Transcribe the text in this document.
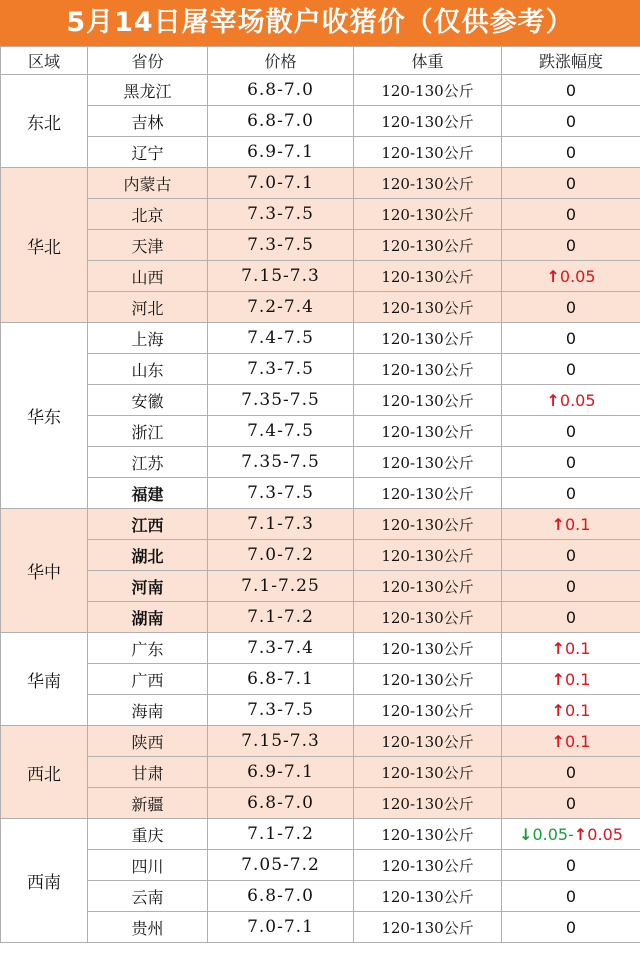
5月14日屠宰场散户收猪价（仅供参考）
区域	省份	价格	体重	跌涨幅度
东北	黑龙江	6.8-7.0	120-130公斤	0
	吉林	6.8-7.0	120-130公斤	0
	辽宁	6.9-7.1	120-130公斤	0
华北	内蒙古	7.0-7.1	120-130公斤	0
	北京	7.3-7.5	120-130公斤	0
	天津	7.3-7.5	120-130公斤	0
	山西	7.15-7.3	120-130公斤	↑0.05
	河北	7.2-7.4	120-130公斤	0
华东	上海	7.4-7.5	120-130公斤	0
	山东	7.3-7.5	120-130公斤	0
	安徽	7.35-7.5	120-130公斤	↑0.05
	浙江	7.4-7.5	120-130公斤	0
	江苏	7.35-7.5	120-130公斤	0
	福建	7.3-7.5	120-130公斤	0
华中	江西	7.1-7.3	120-130公斤	↑0.1
	湖北	7.0-7.2	120-130公斤	0
	河南	7.1-7.25	120-130公斤	0
	湖南	7.1-7.2	120-130公斤	0
华南	广东	7.3-7.4	120-130公斤	↑0.1
	广西	6.8-7.1	120-130公斤	↑0.1
	海南	7.3-7.5	120-130公斤	↑0.1
西北	陕西	7.15-7.3	120-130公斤	↑0.1
	甘肃	6.9-7.1	120-130公斤	0
	新疆	6.8-7.0	120-130公斤	0
西南	重庆	7.1-7.2	120-130公斤	↓0.05-↑0.05
	四川	7.05-7.2	120-130公斤	0
	云南	6.8-7.0	120-130公斤	0
	贵州	7.0-7.1	120-130公斤	0
